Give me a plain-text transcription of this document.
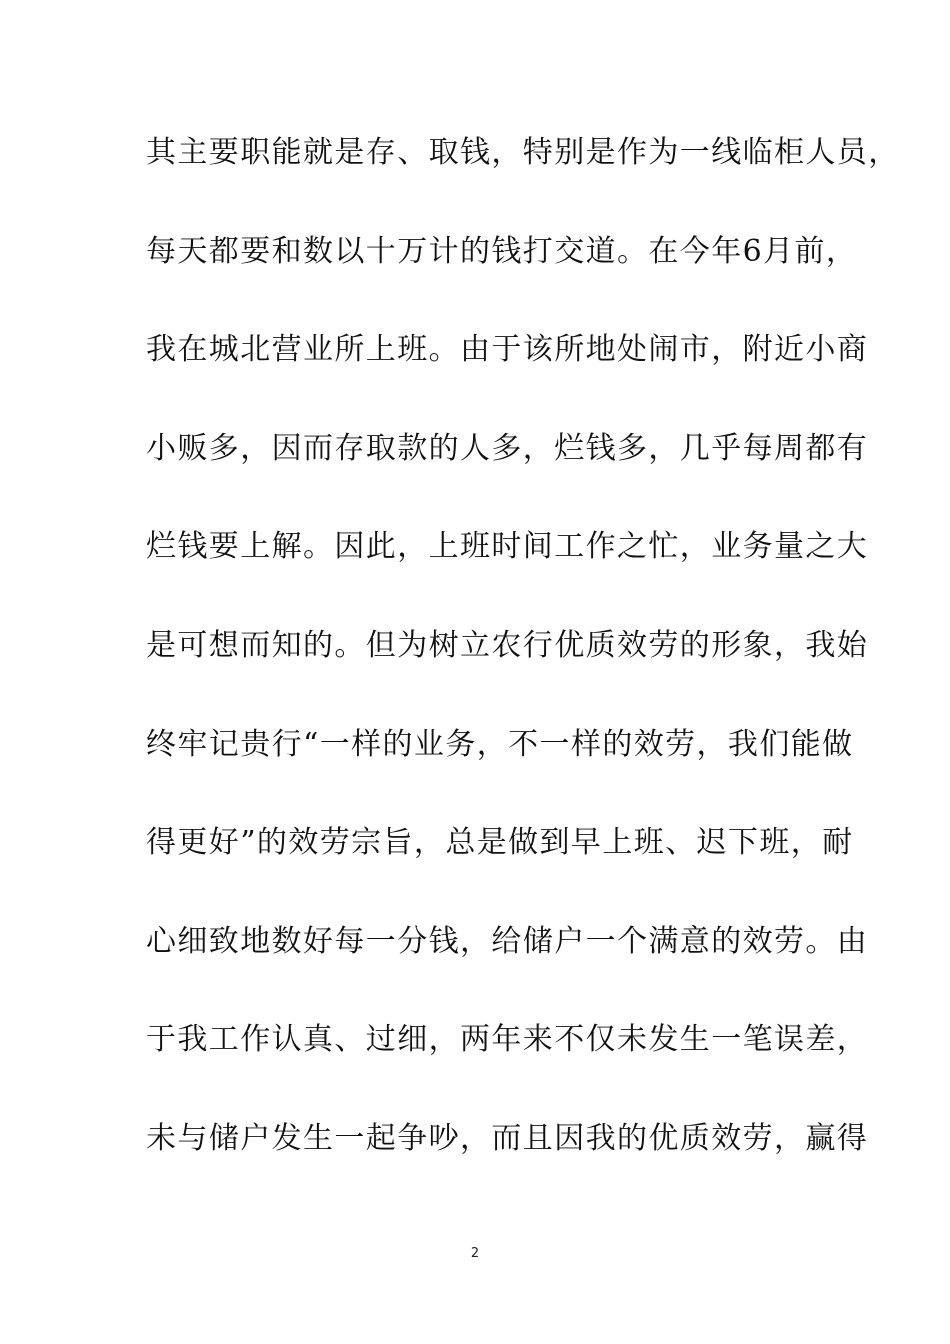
其主要职能就是存、取钱，特别是作为一线临柜人员，
每天都要和数以十万计的钱打交道。在今年6月前，
我在城北营业所上班。由于该所地处闹市，附近小商
小贩多，因而存取款的人多，烂钱多，几乎每周都有
烂钱要上解。因此，上班时间工作之忙，业务量之大
是可想而知的。但为树立农行优质效劳的形象，我始
终牢记贵行“一样的业务，不一样的效劳，我们能做
得更好”的效劳宗旨，总是做到早上班、迟下班，耐
心细致地数好每一分钱，给储户一个满意的效劳。由
于我工作认真、过细，两年来不仅未发生一笔误差，
未与储户发生一起争吵，而且因我的优质效劳，赢得
2
